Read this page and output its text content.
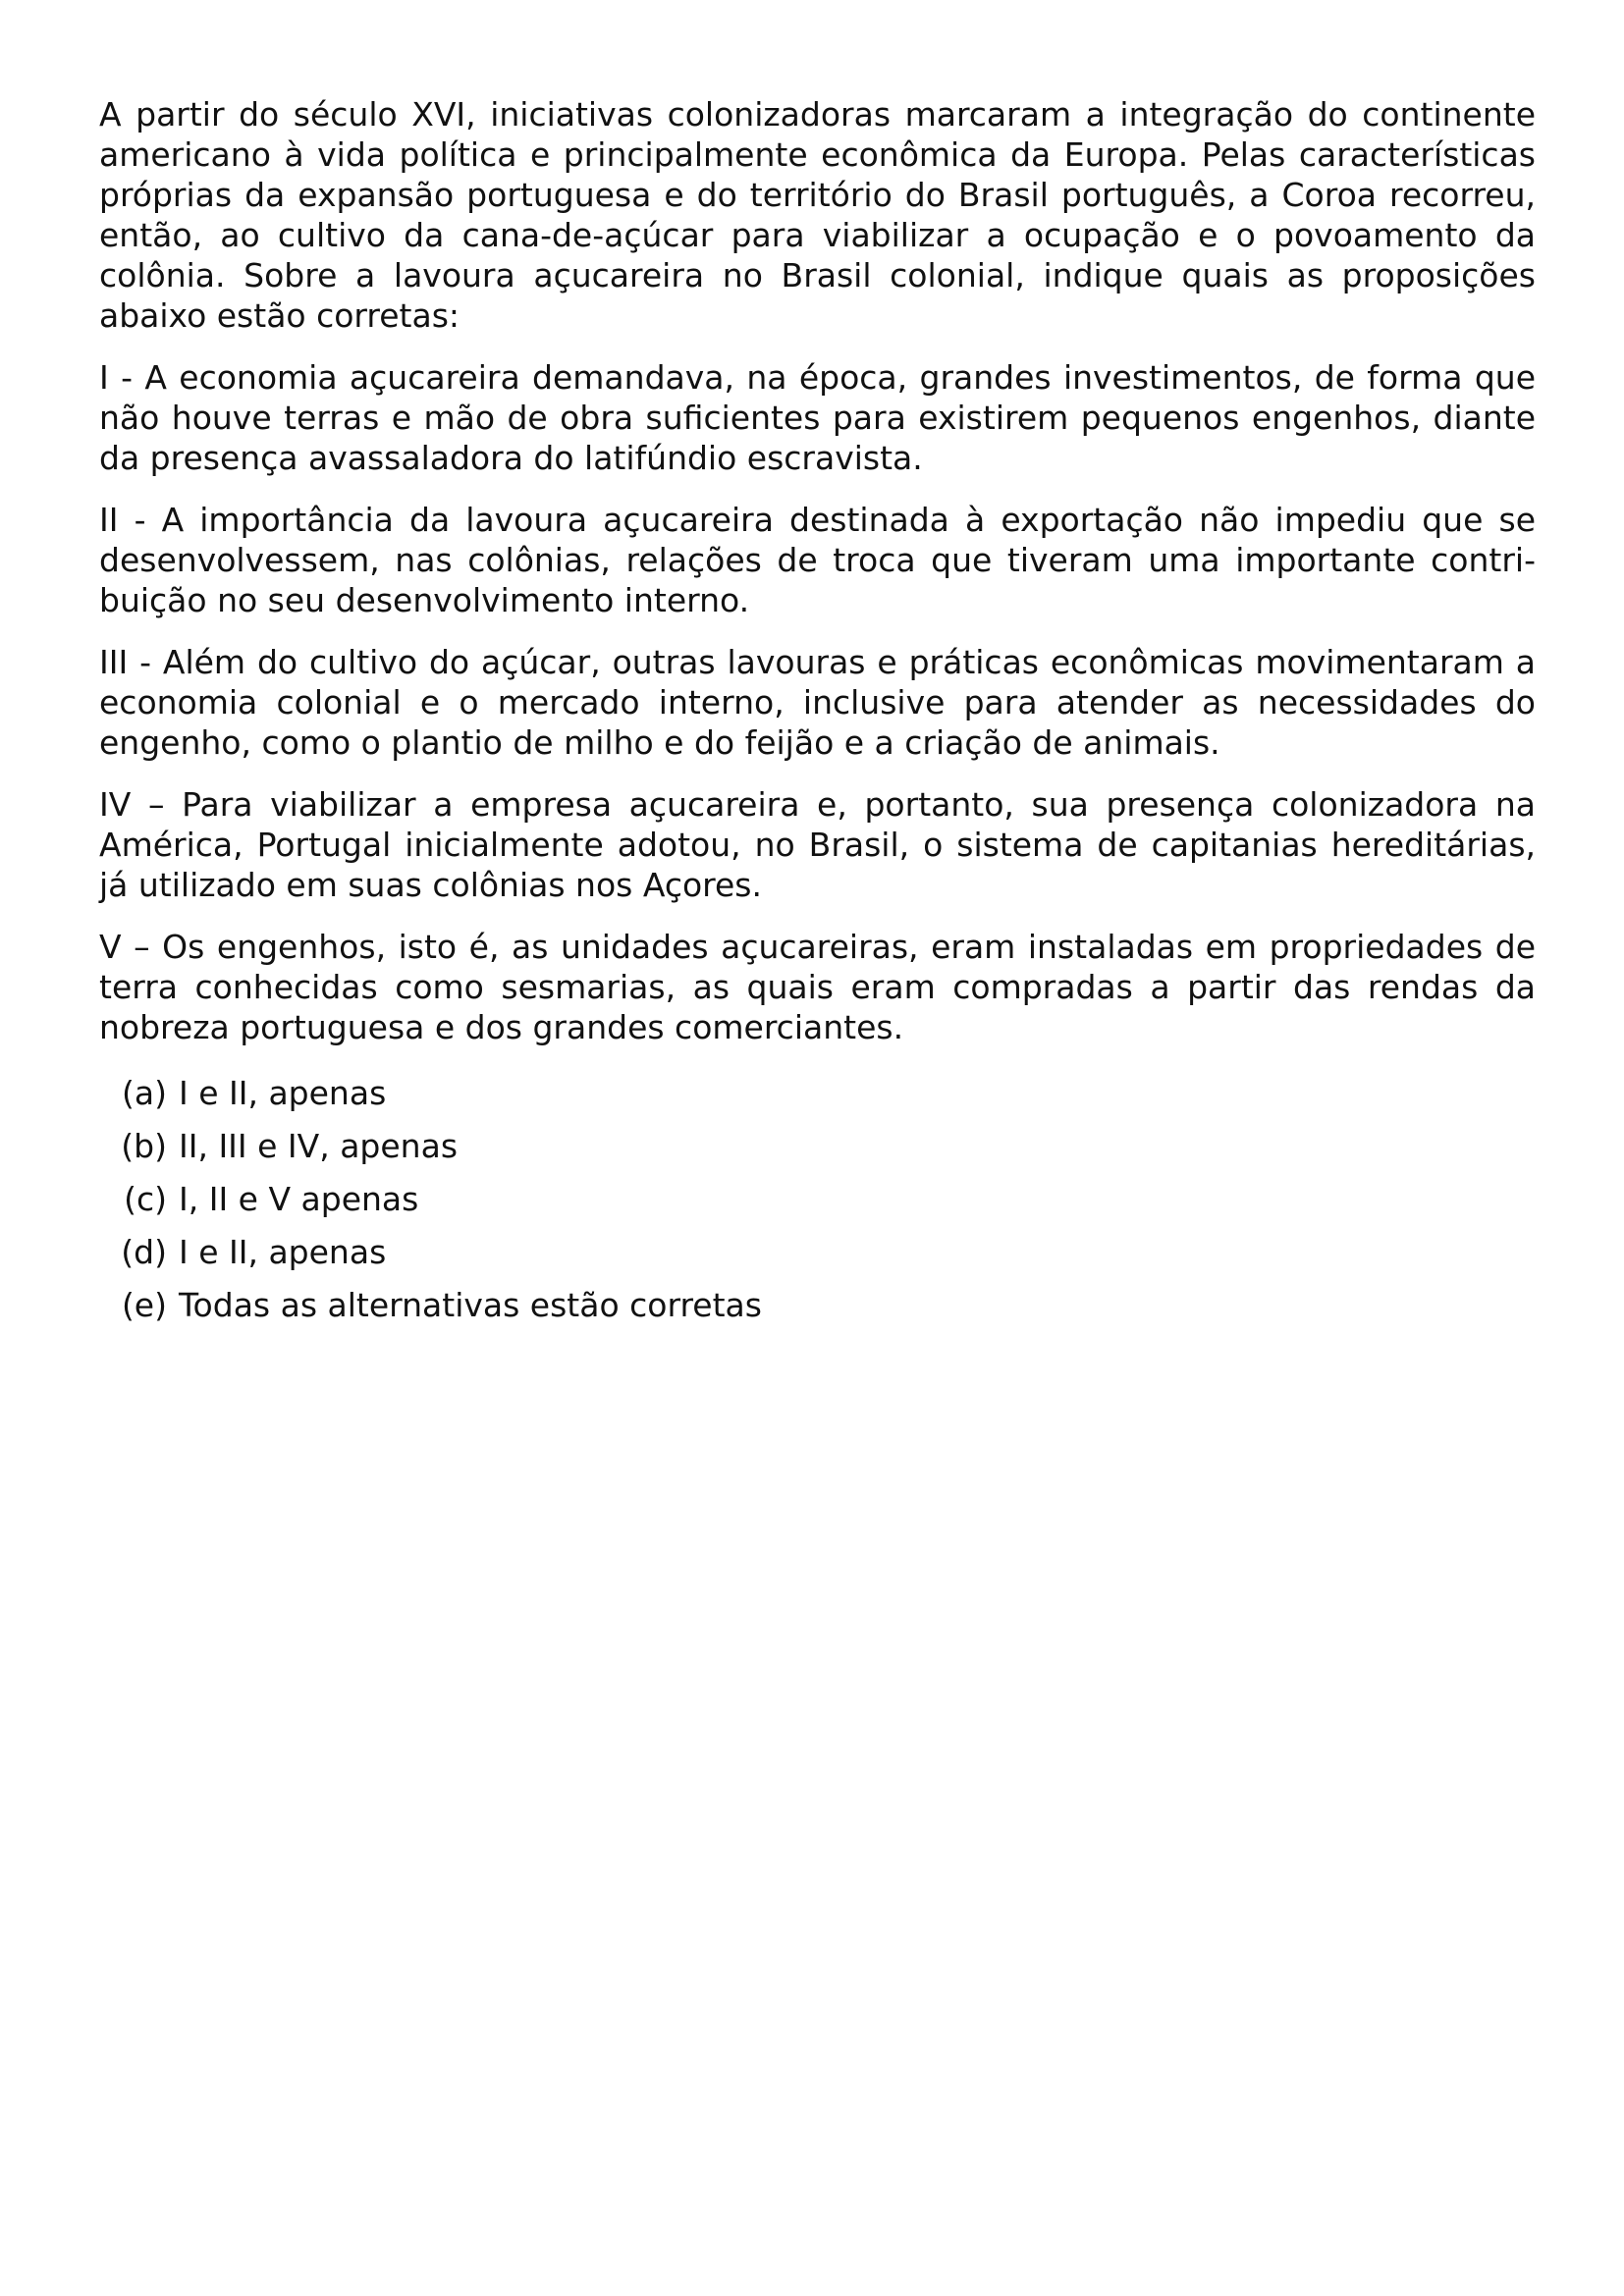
A partir do século XVI, iniciativas colonizadoras marcaram a integração do continente americano à vida política e principalmente econômica da Europa. Pelas características próprias da expansão portuguesa e do território do Brasil português, a Coroa recorreu, então, ao cultivo da cana-de-açúcar para viabilizar a ocupação e o povoamento da colônia. Sobre a lavoura açucareira no Brasil colonial, indique quais as proposições abaixo estão corretas:

I - A economia açucareira demandava, na época, grandes investimentos, de forma que não houve terras e mão de obra suficientes para existirem pequenos engenhos, diante da presença avassaladora do latifúndio escravista.

II - A importância da lavoura açucareira destinada à exportação não impediu que se desenvolvessem, nas colônias, relações de troca que tiveram uma importante contribuição no seu desenvolvimento interno.

III - Além do cultivo do açúcar, outras lavouras e práticas econômicas movimentaram a economia colonial e o mercado interno, inclusive para atender as necessidades do engenho, como o plantio de milho e do feijão e a criação de animais.

IV – Para viabilizar a empresa açucareira e, portanto, sua presença colonizadora na América, Portugal inicialmente adotou, no Brasil, o sistema de capitanias hereditárias, já utilizado em suas colônias nos Açores.

V – Os engenhos, isto é, as unidades açucareiras, eram instaladas em propriedades de terra conhecidas como sesmarias, as quais eram compradas a partir das rendas da nobreza portuguesa e dos grandes comerciantes.

(a) I e II, apenas
(b) II, III e IV, apenas
(c) I, II e V apenas
(d) I e II, apenas
(e) Todas as alternativas estão corretas
